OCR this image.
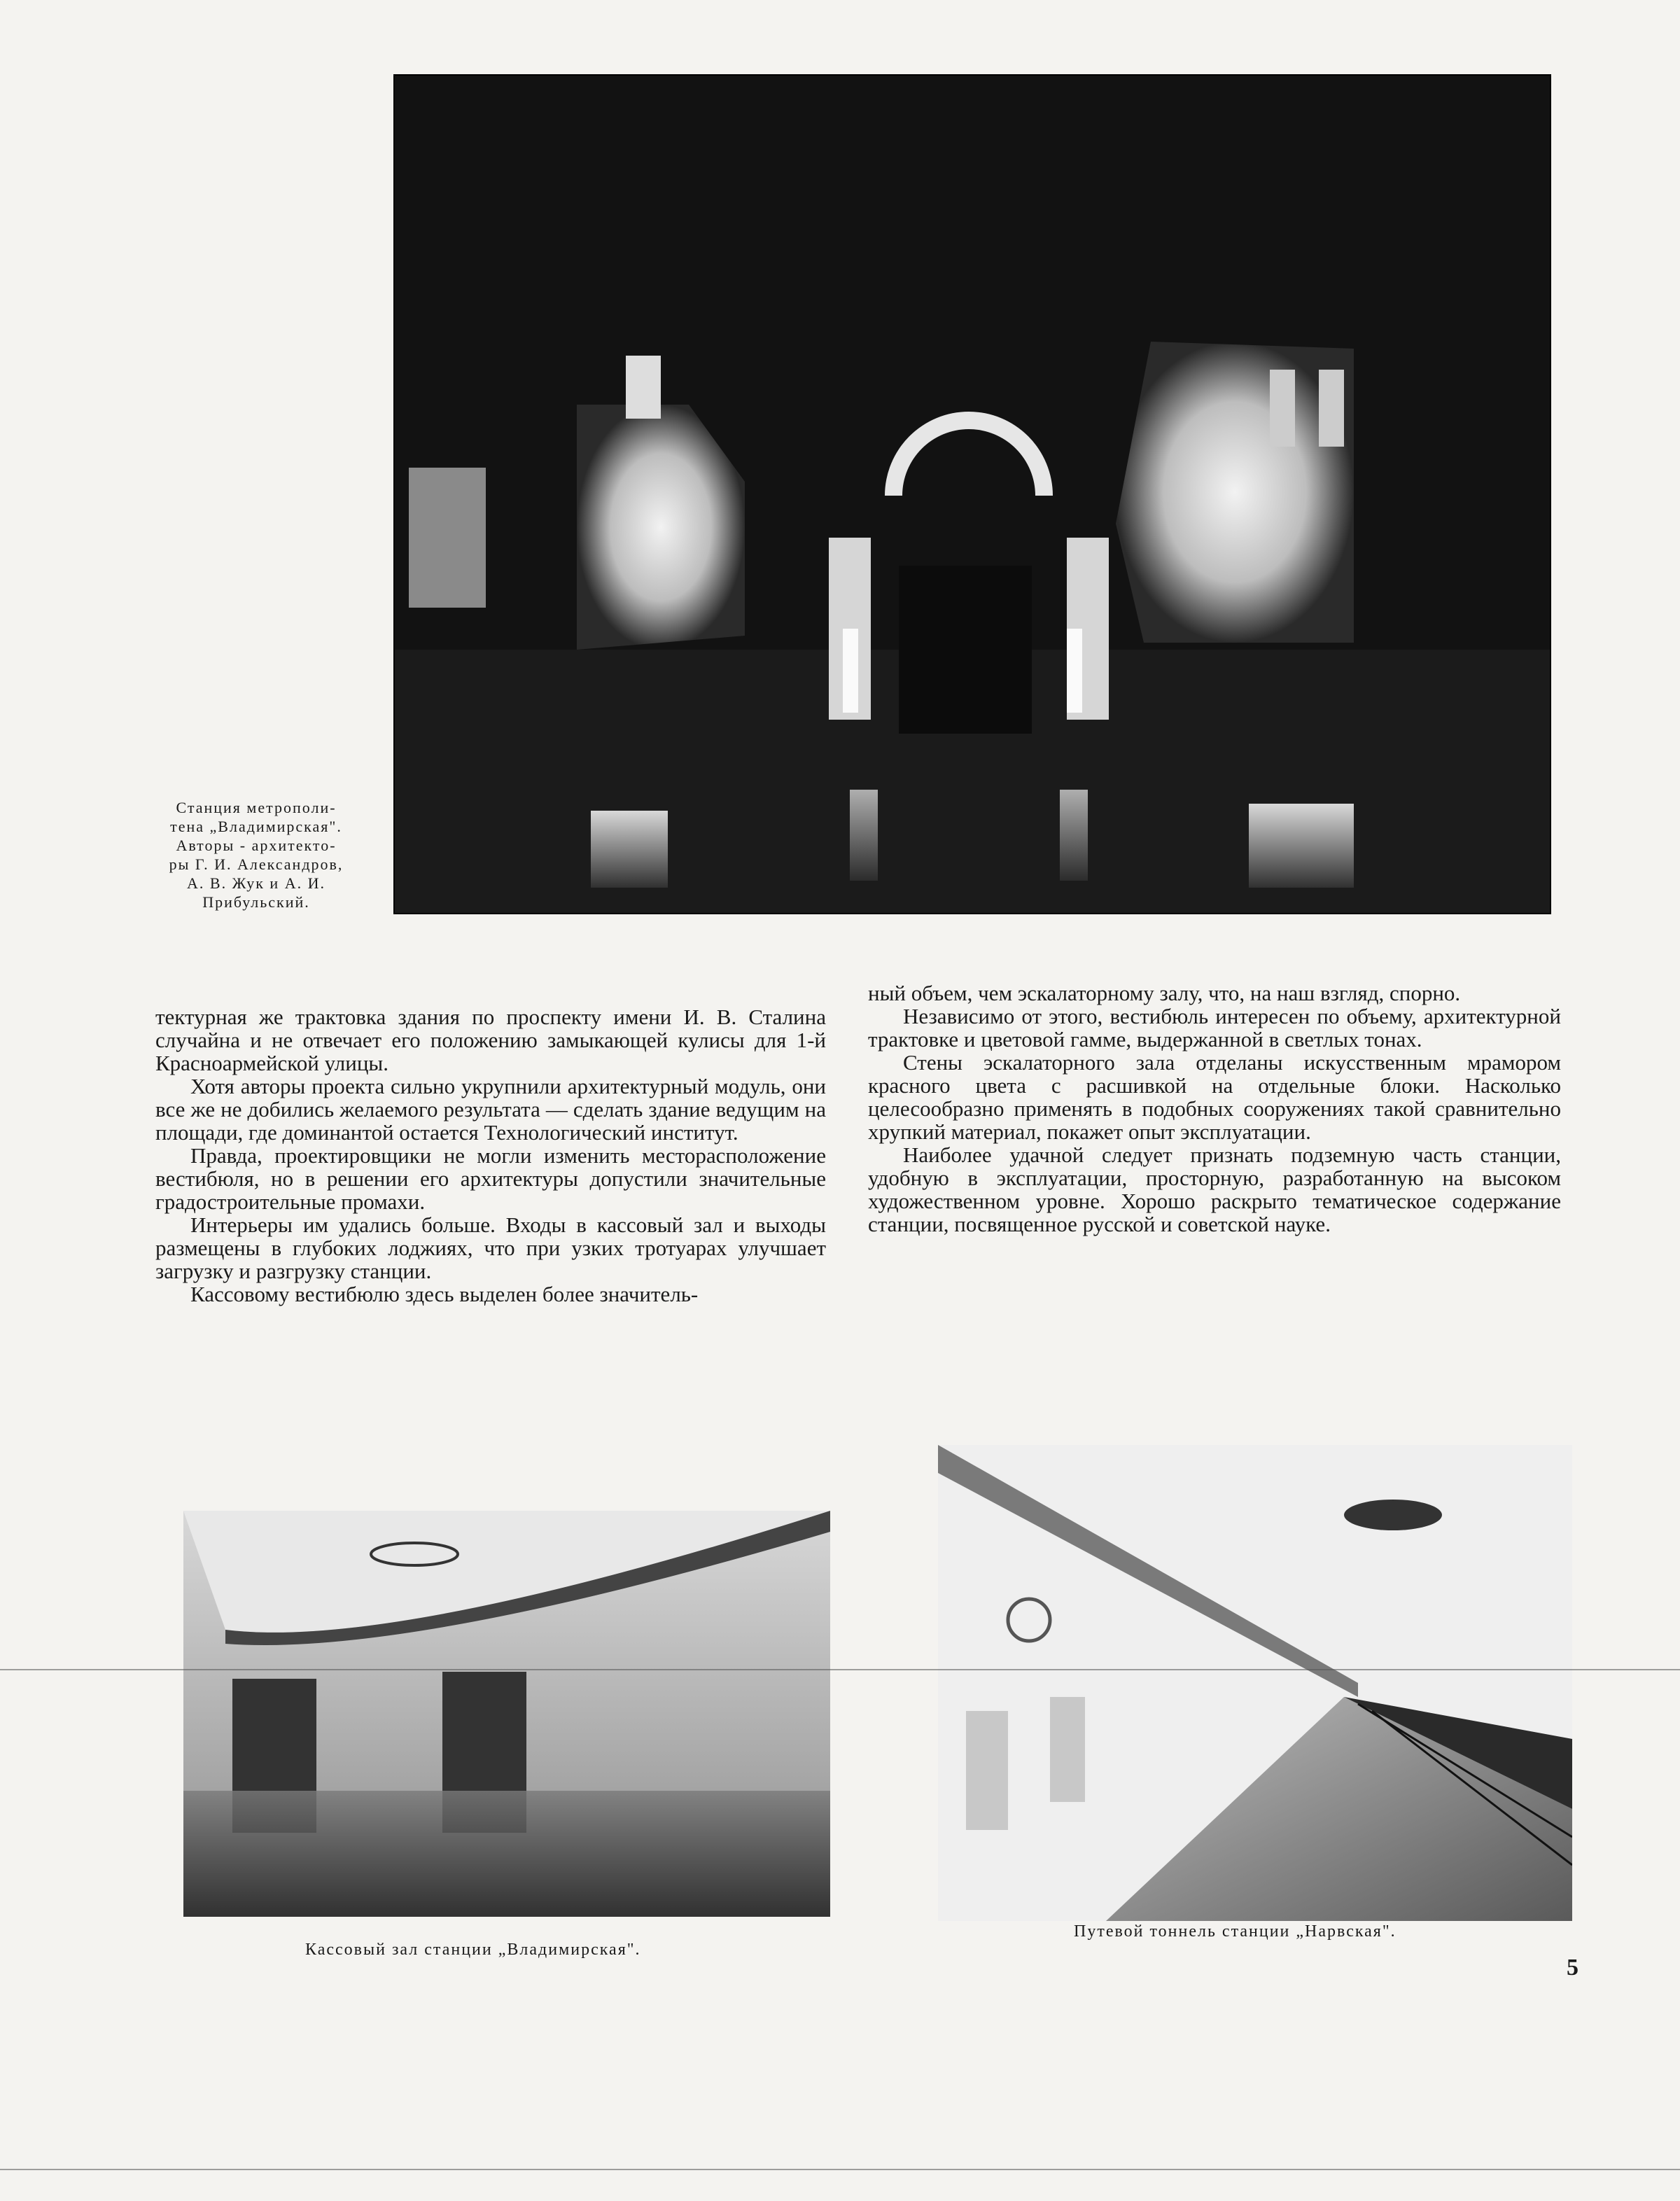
Станция метрополи-
тена „Владимирская".
Авторы - архитекто-
ры Г. И. Александров,
А. В. Жук и А. И.
Прибульский.

тектурная же трактовка здания по проспекту имени И. В. Сталина случайна и не отвечает его положению замыкающей кулисы для 1-й Красноармейской улицы.

Хотя авторы проекта сильно укрупнили архитектурный модуль, они все же не добились желаемого результата — сделать здание ведущим на площади, где доминантой остается Технологический институт.

Правда, проектировщики не могли изменить месторасположение вестибюля, но в решении его архитектуры допустили значительные градостроительные промахи.

Интерьеры им удались больше. Входы в кассовый зал и выходы размещены в глубоких лоджиях, что при узких тротуарах улучшает загрузку и разгрузку станции.

Кассовому вестибюлю здесь выделен более значитель-

ный объем, чем эскалаторному залу, что, на наш взгляд, спорно.

Независимо от этого, вестибюль интересен по объему, архитектурной трактовке и цветовой гамме, выдержанной в светлых тонах.

Стены эскалаторного зала отделаны искусственным мрамором красного цвета с расшивкой на отдельные блоки. Насколько целесообразно применять в подобных сооружениях такой сравнительно хрупкий материал, покажет опыт эксплуатации.

Наиболее удачной следует признать подземную часть станции, удобную в эксплуатации, просторную, разработанную на высоком художественном уровне. Хорошо раскрыто тематическое содержание станции, посвященное русской и советской науке.

Кассовый зал станции „Владимирская".
Путевой тоннель станции „Нарвская".
5
